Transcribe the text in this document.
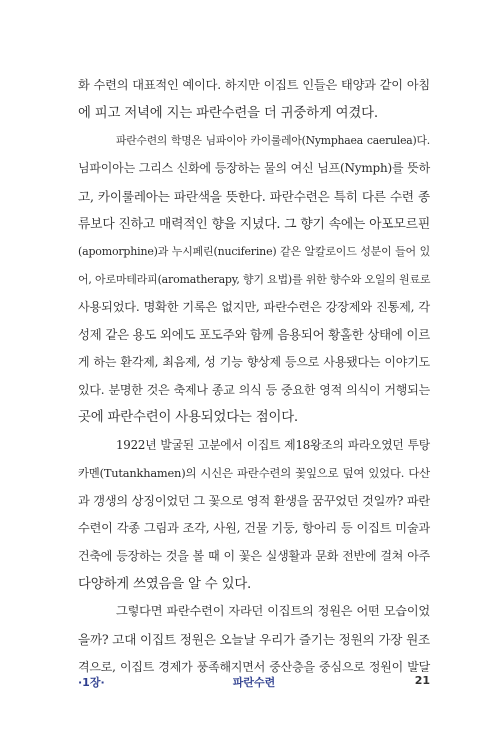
화 수련의 대표적인 예이다. 하지만 이집트 인들은 태양과 같이 아침
에 피고 저녁에 지는 파란수련을 더 귀중하게 여겼다.
파란수련의 학명은 님파이아 카이룰레아(Nymphaea caerulea)다.
님파이아는 그리스 신화에 등장하는 물의 여신 님프(Nymph)를 뜻하
고, 카이룰레아는 파란색을 뜻한다. 파란수련은 특히 다른 수련 종
류보다 진하고 매력적인 향을 지녔다. 그 향기 속에는 아포모르핀
(apomorphine)과 누시페린(nuciferine) 같은 알칼로이드 성분이 들어 있
어, 아로마테라피(aromatherapy, 향기 요법)를 위한 향수와 오일의 원료로
사용되었다. 명확한 기록은 없지만, 파란수련은 강장제와 진통제, 각
성제 같은 용도 외에도 포도주와 함께 음용되어 황홀한 상태에 이르
게 하는 환각제, 최음제, 성 기능 향상제 등으로 사용됐다는 이야기도
있다. 분명한 것은 축제나 종교 의식 등 중요한 영적 의식이 거행되는
곳에 파란수련이 사용되었다는 점이다.
1922년 발굴된 고분에서 이집트 제18왕조의 파라오였던 투탕
카멘(Tutankhamen)의 시신은 파란수련의 꽃잎으로 덮여 있었다. 다산
과 갱생의 상징이었던 그 꽃으로 영적 환생을 꿈꾸었던 것일까? 파란
수련이 각종 그림과 조각, 사원, 건물 기둥, 항아리 등 이집트 미술과
건축에 등장하는 것을 볼 때 이 꽃은 실생활과 문화 전반에 걸쳐 아주
다양하게 쓰였음을 알 수 있다.
그렇다면 파란수련이 자라던 이집트의 정원은 어떤 모습이었
을까? 고대 이집트 정원은 오늘날 우리가 즐기는 정원의 가장 원조
격으로, 이집트 경제가 풍족해지면서 중산층을 중심으로 정원이 발달
·1장·	파란수련	21
